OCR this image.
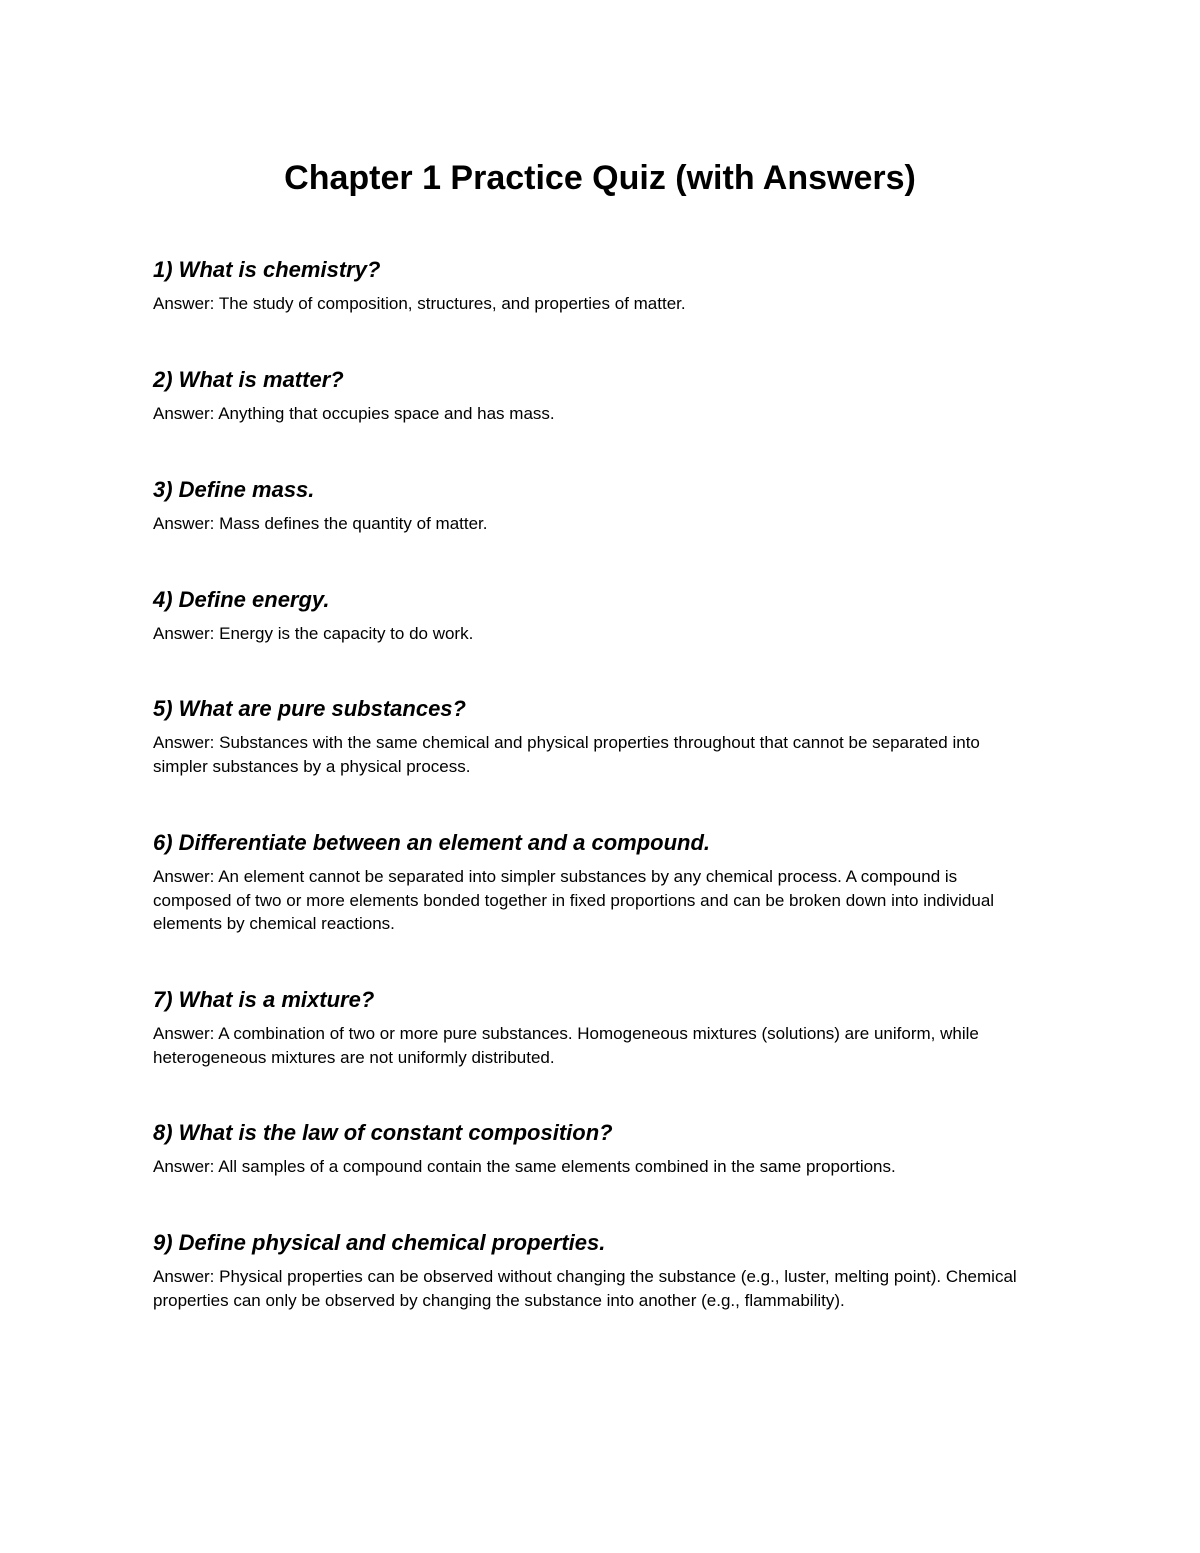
Chapter 1 Practice Quiz (with Answers)

1) What is chemistry?

Answer: The study of composition, structures, and properties of matter.

2) What is matter?

Answer: Anything that occupies space and has mass.

3) Define mass.

Answer: Mass defines the quantity of matter.

4) Define energy.

Answer: Energy is the capacity to do work.

5) What are pure substances?

Answer: Substances with the same chemical and physical properties throughout that cannot be separated into simpler substances by a physical process.

6) Differentiate between an element and a compound.

Answer: An element cannot be separated into simpler substances by any chemical process. A compound is composed of two or more elements bonded together in fixed proportions and can be broken down into individual elements by chemical reactions.

7) What is a mixture?

Answer: A combination of two or more pure substances. Homogeneous mixtures (solutions) are uniform, while heterogeneous mixtures are not uniformly distributed.

8) What is the law of constant composition?

Answer: All samples of a compound contain the same elements combined in the same proportions.

9) Define physical and chemical properties.

Answer: Physical properties can be observed without changing the substance (e.g., luster, melting point). Chemical properties can only be observed by changing the substance into another (e.g., flammability).
